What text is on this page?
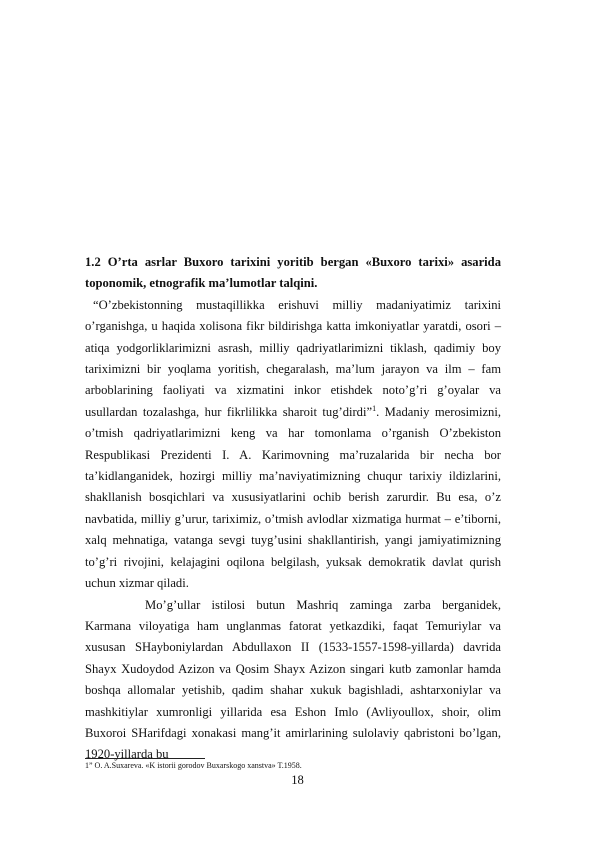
1.2 O’rta asrlar Buxoro tarixini yoritib bergan «Buxoro tarixi» asarida toponomik, etnografik ma’lumotlar talqini.

“O’zbekistonning mustaqillikka erishuvi milliy madaniyatimiz tarixini o’rganishga, u haqida xolisona fikr bildirishga katta imkoniyatlar yaratdi, osori – atiqa yodgorliklarimizni asrash, milliy qadriyatlarimizni tiklash, qadimiy boy tariximizni bir yoqlama yoritish, chegaralash, ma’lum jarayon va ilm – fam arboblarining faoliyati va xizmatini inkor etishdek noto’g’ri g’oyalar va usullardan tozalashga, hur fikrlilikka sharoit tug’dirdi”$^1$. Madaniy merosimizni, o’tmish qadriyatlarimizni keng va har tomonlama o’rganish O’zbekiston Respublikasi Prezidenti I. A. Karimovning ma’ruzalarida bir necha bor ta’kidlanganidek, hozirgi milliy ma’naviyatimizning chuqur tarixiy ildizlarini, shakllanish bosqichlari va xususiyatlarini ochib berish zarurdir. Bu esa, o’z navbatida, milliy g’urur, tariximiz, o’tmish avlodlar xizmatiga hurmat – e’tiborni, xalq mehnatiga, vatanga sevgi tuyg’usini shakllantirish, yangi jamiyatimizning to’g’ri rivojini, kelajagini oqilona belgilash, yuksak demokratik davlat qurish uchun xizmar qiladi.

Mo’g’ullar istilosi butun Mashriq zaminga zarba berganidek, Karmana viloyatiga ham unglanmas fatorat yetkazdiki, faqat Temuriylar va xususan SHayboniylardan Abdullaxon II (1533-1557-1598-yillarda) davrida Shayx Xudoydod Azizon va Qosim Shayx Azizon singari kutb zamonlar hamda boshqa allomalar yetishib, qadim shahar xukuk bagishladi, ashtarxoniylar va mashkitiylar xumronligi yillarida esa Eshon Imlo (Avliyoullox, shoir, olim Buxoroi SHarifdagi xonakasi mang’it amirlarining sulolaviy qabristoni bo’lgan, 1920-yillarda bu

1” O. A.Suxareva. «K istorii gorodov Buxarskogo xanstva» T.1958.

18
